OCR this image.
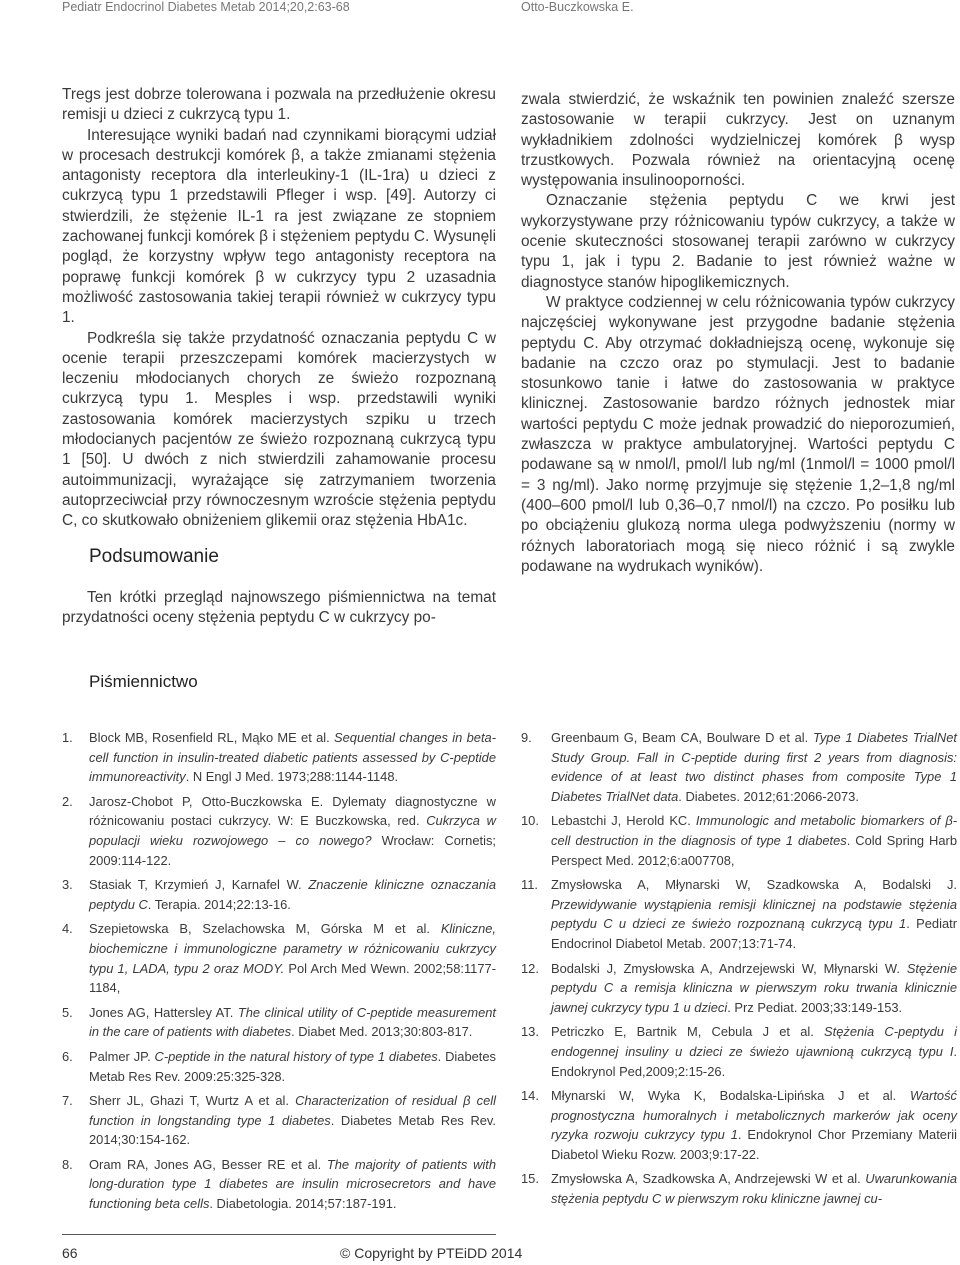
Pediatr Endocrinol Diabetes Metab 2014;20,2:63-68	Otto-Buczkowska E.

Tregs jest dobrze tolerowana i pozwala na przedłużenie okresu remisji u dzieci z cukrzycą typu 1.

Interesujące wyniki badań nad czynnikami biorącymi udział w procesach destrukcji komórek β, a także zmianami stężenia antagonisty receptora dla interleukiny-1 (IL-1ra) u dzieci z cukrzycą typu 1 przedstawili Pfleger i wsp. [49]. Autorzy ci stwierdzili, że stężenie IL-1 ra jest związane ze stopniem zachowanej funkcji komórek β i stężeniem peptydu C. Wysunęli pogląd, że korzystny wpływ tego antagonisty receptora na poprawę funkcji komórek β w cukrzycy typu 2 uzasadnia możliwość zastosowania takiej terapii również w cukrzycy typu 1.

Podkreśla się także przydatność oznaczania peptydu C w ocenie terapii przeszczepami komórek macierzystych w leczeniu młodocianych chorych ze świeżo rozpoznaną cukrzycą typu 1. Mesples i wsp. przedstawili wyniki zastosowania komórek macierzystych szpiku u trzech młodocianych pacjentów ze świeżo rozpoznaną cukrzycą typu 1 [50]. U dwóch z nich stwierdzili zahamowanie procesu autoimmunizacji, wyrażające się zatrzymaniem tworzenia autoprzeciwciał przy równoczesnym wzroście stężenia peptydu C, co skutkowało obniżeniem glikemii oraz stężenia HbA1c.

zwala stwierdzić, że wskaźnik ten powinien znaleźć szersze zastosowanie w terapii cukrzycy. Jest on uznanym wykładnikiem zdolności wydzielniczej komórek β wysp trzustkowych. Pozwala również na orientacyjną ocenę występowania insulinooporności.

Oznaczanie stężenia peptydu C we krwi jest wykorzystywane przy różnicowaniu typów cukrzycy, a także w ocenie skuteczności stosowanej terapii zarówno w cukrzycy typu 1, jak i typu 2. Badanie to jest również ważne w diagnostyce stanów hipoglikemicznych.

W praktyce codziennej w celu różnicowania typów cukrzycy najczęściej wykonywane jest przygodne badanie stężenia peptydu C. Aby otrzymać dokładniejszą ocenę, wykonuje się badanie na czczo oraz po stymulacji. Jest to badanie stosunkowo tanie i łatwe do zastosowania w praktyce klinicznej. Zastosowanie bardzo różnych jednostek miar wartości peptydu C może jednak prowadzić do nieporozumień, zwłaszcza w praktyce ambulatoryjnej. Wartości peptydu C podawane są w nmol/l, pmol/l lub ng/ml (1nmol/l = 1000 pmol/l = 3 ng/ml). Jako normę przyjmuje się stężenie 1,2–1,8 ng/ml (400–600 pmol/l lub 0,36–0,7 nmol/l) na czczo. Po posiłku lub po obciążeniu glukozą norma ulega podwyższeniu (normy w różnych laboratoriach mogą się nieco różnić i są zwykle podawane na wydrukach wyników).

Podsumowanie

Ten krótki przegląd najnowszego piśmiennictwa na temat przydatności oceny stężenia peptydu C w cukrzycy po-

Piśmiennictwo
1. Block MB, Rosenfield RL, Mąko ME et al. Sequential changes in beta-cell function in insulin-treated diabetic patients assessed by C-peptide immunoreactivity. N Engl J Med. 1973;288:1144-1148.
2. Jarosz-Chobot P, Otto-Buczkowska E. Dylematy diagnostyczne w różnicowaniu postaci cukrzycy. W: E Buczkowska, red. Cukrzyca w populacji wieku rozwojowego – co nowego? Wrocław: Cornetis; 2009:114-122.
3. Stasiak T, Krzymień J, Karnafel W. Znaczenie kliniczne oznaczania peptydu C. Terapia. 2014;22:13-16.
4. Szepietowska B, Szelachowska M, Górska M et al. Kliniczne, biochemiczne i immunologiczne parametry w różnicowaniu cukrzycy typu 1, LADA, typu 2 oraz MODY. Pol Arch Med Wewn. 2002;58:1177-1184,
5. Jones AG, Hattersley AT. The clinical utility of C-peptide measurement in the care of patients with diabetes. Diabet Med. 2013;30:803-817.
6. Palmer JP. C-peptide in the natural history of type 1 diabetes. Diabetes Metab Res Rev. 2009:25:325-328.
7. Sherr JL, Ghazi T, Wurtz A et al. Characterization of residual β cell function in longstanding type 1 diabetes. Diabetes Metab Res Rev. 2014;30:154-162.
8. Oram RA, Jones AG, Besser RE et al. The majority of patients with long-duration type 1 diabetes are insulin microsecretors and have functioning beta cells. Diabetologia. 2014;57:187-191.
9. Greenbaum G, Beam CA, Boulware D et al. Type 1 Diabetes TrialNet Study Group. Fall in C-peptide during first 2 years from diagnosis: evidence of at least two distinct phases from composite Type 1 Diabetes TrialNet data. Diabetes. 2012;61:2066-2073.
10. Lebastchi J, Herold KC. Immunologic and metabolic biomarkers of β-cell destruction in the diagnosis of type 1 diabetes. Cold Spring Harb Perspect Med. 2012;6:a007708,
11. Zmysłowska A, Młynarski W, Szadkowska A, Bodalski J. Przewidywanie wystąpienia remisji klinicznej na podstawie stężenia peptydu C u dzieci ze świeżo rozpoznaną cukrzycą typu 1. Pediatr Endocrinol Diabetol Metab. 2007;13:71-74.
12. Bodalski J, Zmysłowska A, Andrzejewski W, Młynarski W. Stężenie peptydu C a remisja kliniczna w pierwszym roku trwania klinicznie jawnej cukrzycy typu 1 u dzieci. Prz Pediat. 2003;33:149-153.
13. Petriczko E, Bartnik M, Cebula J et al. Stężenia C-peptydu i endogennej insuliny u dzieci ze świeżo ujawnioną cukrzycą typu I. Endokrynol Ped,2009;2:15-26.
14. Młynarski W, Wyka K, Bodalska-Lipińska J et al. Wartość prognostyczna humoralnych i metabolicznych markerów jak oceny ryzyka rozwoju cukrzycy typu 1. Endokrynol Chor Przemiany Materii Diabetol Wieku Rozw. 2003;9:17-22.
15. Zmysłowska A, Szadkowska A, Andrzejewski W et al. Uwarunkowania stężenia peptydu C w pierwszym roku kliniczne jawnej cu-
66	© Copyright by PTEiDD 2014
